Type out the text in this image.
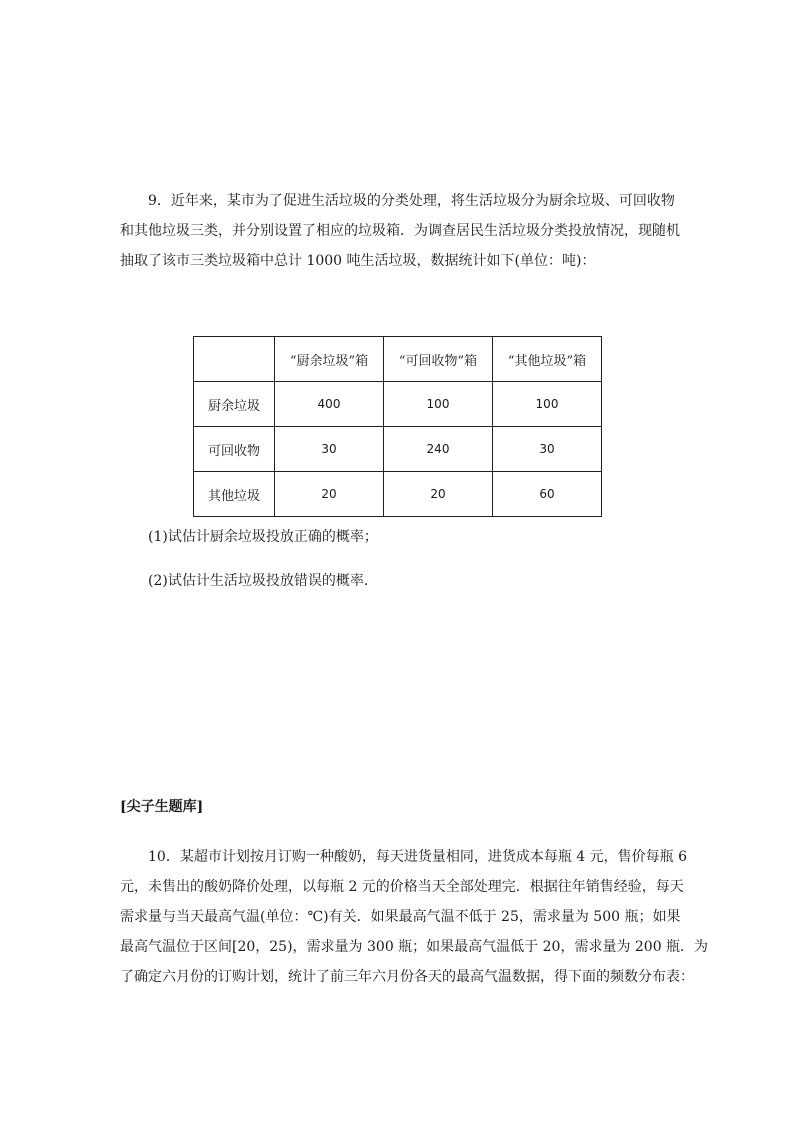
9．近年来，某市为了促进生活垃圾的分类处理，将生活垃圾分为厨余垃圾、可回收物
和其他垃圾三类，并分别设置了相应的垃圾箱．为调查居民生活垃圾分类投放情况，现随机
抽取了该市三类垃圾箱中总计 1000 吨生活垃圾，数据统计如下(单位：吨)：
	“厨余垃圾”箱	“可回收物”箱	“其他垃圾”箱
厨余垃圾	400	100	100
可回收物	30	240	30
其他垃圾	20	20	60

(1)试估计厨余垃圾投放正确的概率；

(2)试估计生活垃圾投放错误的概率．

[尖子生题库]

10．某超市计划按月订购一种酸奶，每天进货量相同，进货成本每瓶 4 元，售价每瓶 6
元，未售出的酸奶降价处理，以每瓶 2 元的价格当天全部处理完．根据往年销售经验，每天
需求量与当天最高气温(单位：℃)有关．如果最高气温不低于 25，需求量为 500 瓶；如果
最高气温位于区间[20，25)，需求量为 300 瓶；如果最高气温低于 20，需求量为 200 瓶．为
了确定六月份的订购计划，统计了前三年六月份各天的最高气温数据，得下面的频数分布表：
